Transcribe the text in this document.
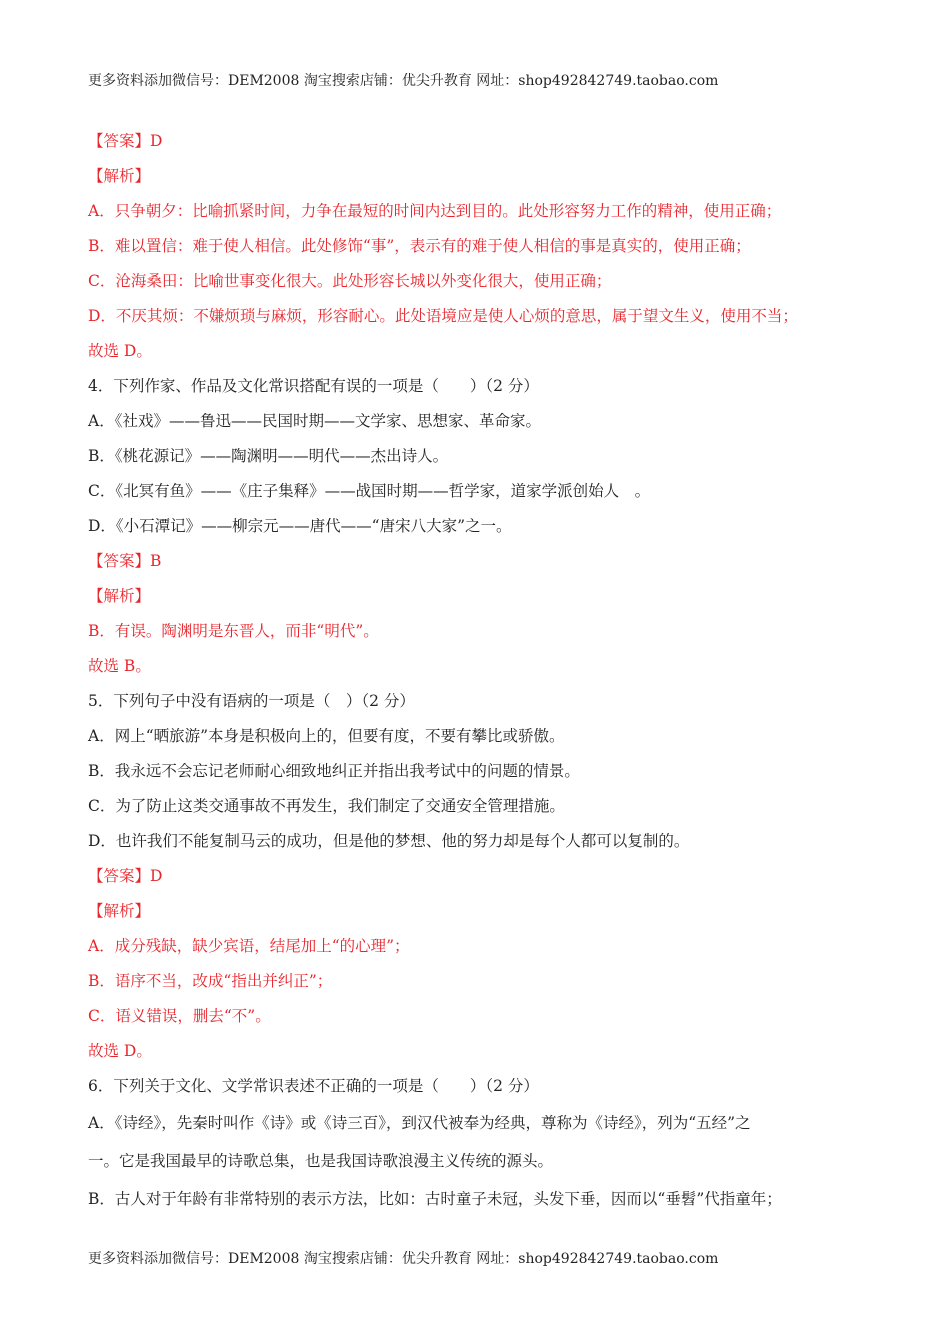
更多资料添加微信号：DEM2008 淘宝搜索店铺：优尖升教育 网址：shop492842749.taobao.com
【答案】D
【解析】
A．只争朝夕：比喻抓紧时间，力争在最短的时间内达到目的。此处形容努力工作的精神，使用正确；
B．难以置信：难于使人相信。此处修饰“事”，表示有的难于使人相信的事是真实的，使用正确；
C．沧海桑田：比喻世事变化很大。此处形容长城以外变化很大，使用正确；
D．不厌其烦：不嫌烦琐与麻烦，形容耐心。此处语境应是使人心烦的意思，属于望文生义，使用不当；
故选 D。
4．下列作家、作品及文化常识搭配有误的一项是（　　）（2 分）
A．《社戏》——鲁迅——民国时期——文学家、思想家、革命家。
B．《桃花源记》——陶渊明——明代——杰出诗人。
C．《北冥有鱼》——《庄子集释》——战国时期——哲学家，道家学派创始人　。
D．《小石潭记》——柳宗元——唐代——“唐宋八大家”之一。
【答案】B
【解析】
B．有误。陶渊明是东晋人，而非“明代”。
故选 B。
5．下列句子中没有语病的一项是（　）（2 分）
A．网上“晒旅游”本身是积极向上的，但要有度，不要有攀比或骄傲。
B．我永远不会忘记老师耐心细致地纠正并指出我考试中的问题的情景。
C．为了防止这类交通事故不再发生，我们制定了交通安全管理措施。
D．也许我们不能复制马云的成功，但是他的梦想、他的努力却是每个人都可以复制的。
【答案】D
【解析】
A．成分残缺，缺少宾语，结尾加上“的心理”；
B．语序不当，改成“指出并纠正”；
C．语义错误，删去“不”。
故选 D。
6．下列关于文化、文学常识表述不正确的一项是（　　）（2 分）
A．《诗经》，先秦时叫作《诗》或《诗三百》，到汉代被奉为经典，尊称为《诗经》，列为“五经”之
一。它是我国最早的诗歌总集，也是我国诗歌浪漫主义传统的源头。
B．古人对于年龄有非常特别的表示方法，比如：古时童子未冠，头发下垂，因而以“垂髫”代指童年；
更多资料添加微信号：DEM2008 淘宝搜索店铺：优尖升教育 网址：shop492842749.taobao.com
